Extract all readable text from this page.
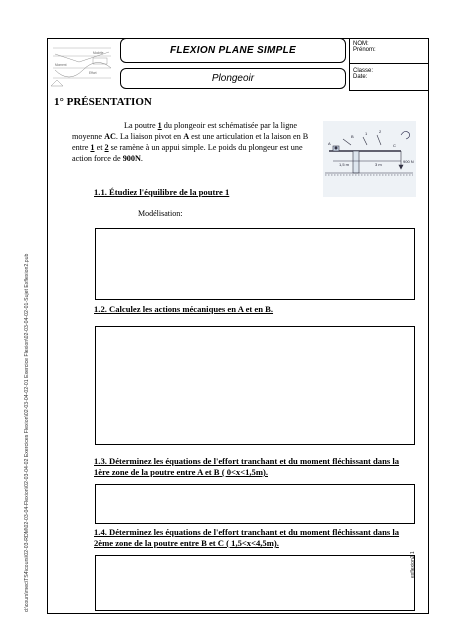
d:\cours\mec\TS4\cours\02-03-RDM\02-03-04-Flexion\02-03-04-02 Exercices Flexion\02-03-04-02-01 Exercice Flexion\02-03-04-02-01-Sujet Exflexion2.pub
Modèle
Effort
Moment
FLEXION PLANE SIMPLE
Plongeoir
NOM:
Prénom:
Classe:
Date:
1° PRÉSENTATION
La poutre 1 du plongeoir est schématisée par la ligne moyenne AC. La liaison pivot en A est une articulation et la laison en B entre 1 et 2 se ramène à un appui simple. Le poids du plongeur est une action force de 900N.
A
B
1	2
C
1,5 m	3 m
900 N
1.1. Étudiez l'équilibre de la poutre 1
Modélisation:
1.2. Calculez les actions mécaniques en A et en B.
1.3. Déterminez les équations de l'effort tranchant et du moment fléchissant dans la 1ère zone de la poutre entre A et B ( 0<x<1,5m).
1.4. Déterminez les équations de l'effort tranchant et du moment fléchissant dans la 2ème zone de la poutre entre B et C ( 1,5<x<4,5m).
exflexion2 1
